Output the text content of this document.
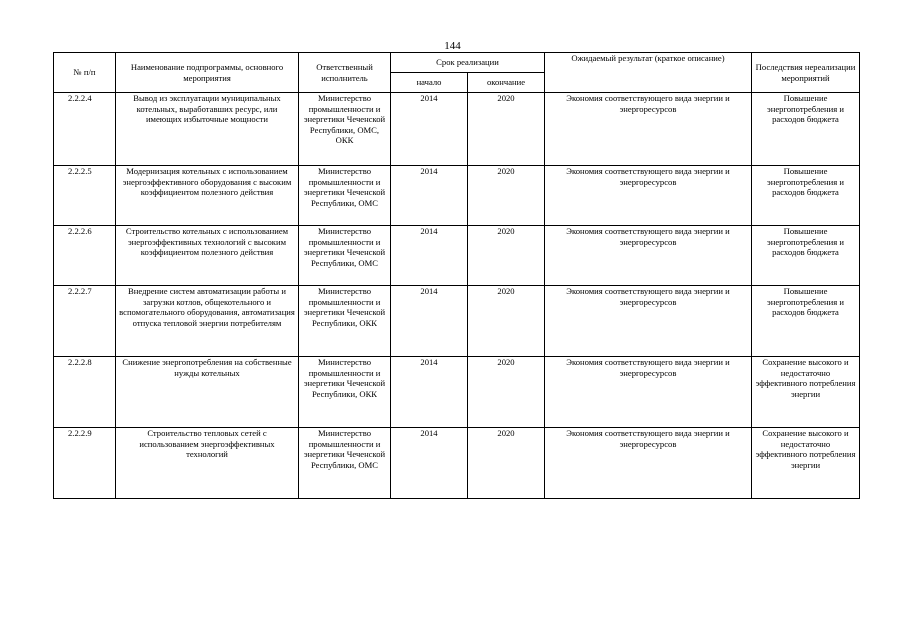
144
№ п/п	Наименование подпрограммы, основного мероприятия	Ответственный исполнитель	Срок реализации		Ожидаемый результат (краткое описание)	Последствия нереализации мероприятий
			начало	окончание		
2.2.2.4	Вывод из эксплуатации муниципальных котельных, выработавших ресурс, или имеющих избыточные мощности	Министерство промышленности и энергетики Чеченской Республики, ОМС, ОКК	2014	2020	Экономия соответствующего вида энергии и энергоресурсов	Повышение энергопотребления и расходов бюджета
2.2.2.5	Модернизация котельных с использованием энергоэффективного оборудования с высоким коэффициентом полезного действия	Министерство промышленности и энергетики Чеченской Республики, ОМС	2014	2020	Экономия соответствующего вида энергии и энергоресурсов	Повышение энергопотребления и расходов бюджета
2.2.2.6	Строительство котельных с использованием энергоэффективных технологий с высоким коэффициентом полезного действия	Министерство промышленности и энергетики Чеченской Республики, ОМС	2014	2020	Экономия соответствующего вида энергии и энергоресурсов	Повышение энергопотребления и расходов бюджета
2.2.2.7	Внедрение систем автоматизации работы и загрузки котлов, общекотельного и вспомогательного оборудования, автоматизация отпуска тепловой энергии потребителям	Министерство промышленности и энергетики Чеченской Республики, ОКК	2014	2020	Экономия соответствующего вида энергии и энергоресурсов	Повышение энергопотребления и расходов бюджета
2.2.2.8	Снижение энергопотребления на собственные нужды котельных	Министерство промышленности и энергетики Чеченской Республики, ОКК	2014	2020	Экономия соответствующего вида энергии и энергоресурсов	Сохранение высокого и недостаточно эффективного потребления энергии
2.2.2.9	Строительство тепловых сетей с использованием энергоэффективных технологий	Министерство промышленности и энергетики Чеченской Республики, ОМС	2014	2020	Экономия соответствующего вида энергии и энергоресурсов	Сохранение высокого и недостаточно эффективного потребления энергии
